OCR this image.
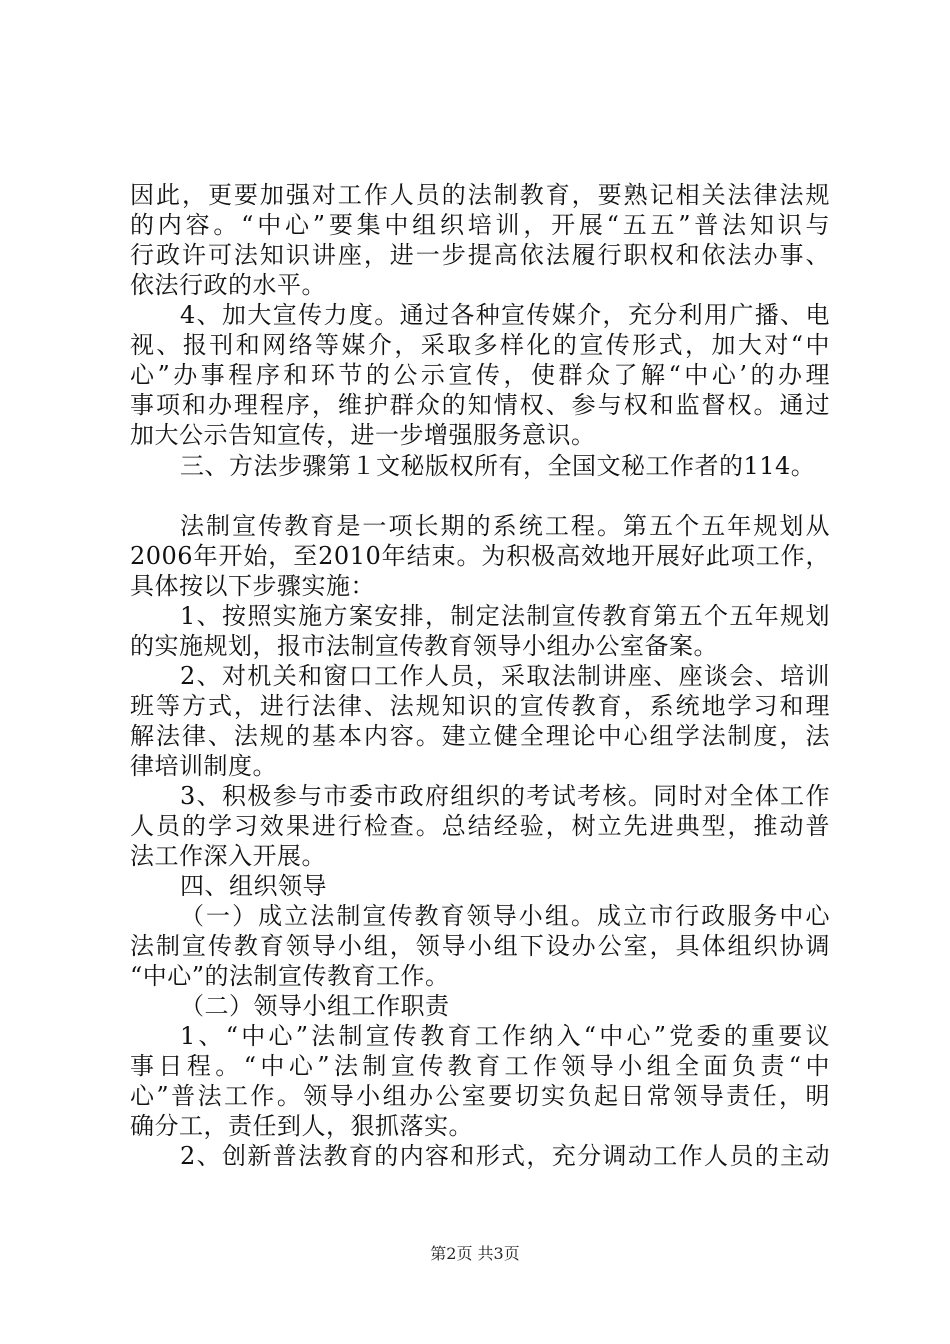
因此，更要加强对工作人员的法制教育，要熟记相关法律法规
的内容。“中心”要集中组织培训，开展“五五”普法知识与
行政许可法知识讲座，进一步提高依法履行职权和依法办事、
依法行政的水平。
4、加大宣传力度。通过各种宣传媒介，充分利用广播、电
视、报刊和网络等媒介，采取多样化的宣传形式，加大对“中
心”办事程序和环节的公示宣传，使群众了解“中心’的办理
事项和办理程序，维护群众的知情权、参与权和监督权。通过
加大公示告知宣传，进一步增强服务意识。
三、方法步骤第１文秘版权所有，全国文秘工作者的114。
法制宣传教育是一项长期的系统工程。第五个五年规划从
2006年开始，至2010年结束。为积极高效地开展好此项工作，
具体按以下步骤实施：
1、按照实施方案安排，制定法制宣传教育第五个五年规划
的实施规划，报市法制宣传教育领导小组办公室备案。
2、对机关和窗口工作人员，采取法制讲座、座谈会、培训
班等方式，进行法律、法规知识的宣传教育，系统地学习和理
解法律、法规的基本内容。建立健全理论中心组学法制度，法
律培训制度。
3、积极参与市委市政府组织的考试考核。同时对全体工作
人员的学习效果进行检查。总结经验，树立先进典型，推动普
法工作深入开展。
四、组织领导
（一）成立法制宣传教育领导小组。成立市行政服务中心
法制宣传教育领导小组，领导小组下设办公室，具体组织协调
“中心”的法制宣传教育工作。
（二）领导小组工作职责
1、“中心”法制宣传教育工作纳入“中心”党委的重要议
事日程。“中心”法制宣传教育工作领导小组全面负责“中
心”普法工作。领导小组办公室要切实负起日常领导责任，明
确分工，责任到人，狠抓落实。
2、创新普法教育的内容和形式，充分调动工作人员的主动
第2页 共3页
